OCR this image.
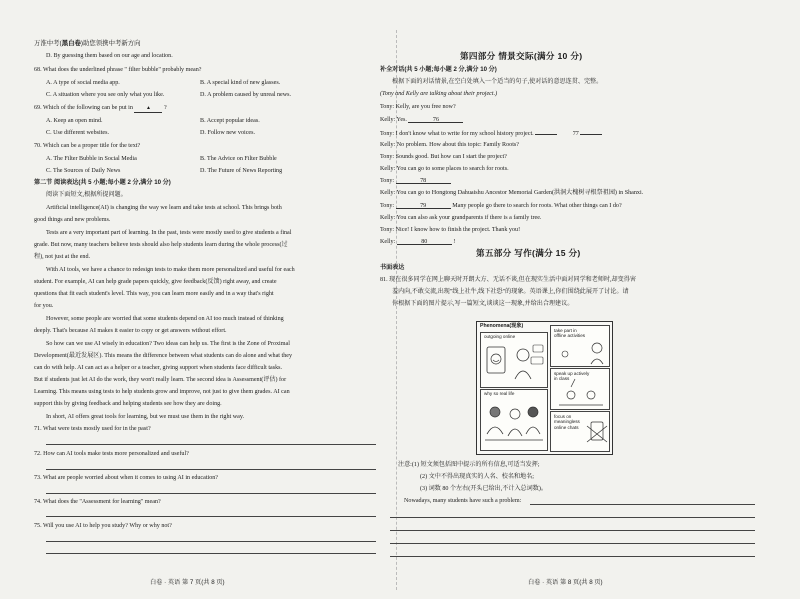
万淮中考(黑白卷)助您领携中考新方向
D. By guessing them based on our age and location.
68. What does the underlined phrase " filter bubble" probably mean?
A. A type of social media app.	B. A special kind of new glasses.
C. A situation where you see only what you like.	D. A problem caused by unreal news.
69. Which of the following can be put in	▲ ?
A. Keep an open mind.	B. Accept popular ideas.
C. Use different websites.	D. Follow new voices.
70. Which can be a proper title for the text?
A. The Filter Bubble in Social Media	B. The Advice on Filter Bubble
C. The Sources of Daily News	D. The Future of News Reporting
第二节 阅读表达(共 5 小题;每小题 2 分,满分 10 分)
阅读下面短文,根据所提问题。
Artificial intelligence(AI) is changing the way we learn and take tests at school. This brings both
good things and new problems.
Tests are a very important part of learning. In the past, tests were mostly used to give students a final
grade. But now, many teachers believe tests should also help students learn during the whole process(过
程), not just at the end.
With AI tools, we have a chance to redesign tests to make them more personalized and useful for each
student. For example, AI can help grade papers quickly, give feedback(反馈) right away, and create
questions that fit each student's level. This way, you can learn more easily and in a way that's right
for you.
However, some people are worried that some students depend on AI too much instead of thinking
deeply. That's because AI makes it easier to copy or get answers without effort.
So how can we use AI wisely in education? Two ideas can help us. The first is the Zone of Proximal
Development(最近发展区). This means the difference between what students can do alone and what they
can do with help. AI can act as a helper or a teacher, giving support when students face difficult tasks.
But if students just let AI do the work, they won't really learn. The second idea is Assessment(评估) for
Learning. This means using tests to help students grow and improve, not just to give them grades. AI can
support this by giving feedback and helping students see how they are doing.
In short, AI offers great tools for learning, but we must use them in the right way.
71. What were tests mostly used for in the past?
72. How can AI tools make tests more personalized and useful?
73. What are people worried about when it comes to using AI in education?
74. What does the "Assessment for learning" mean?
75. Will you use AI to help you study? Why or why not?
白卷 · 英语 第 7 页(共 8 页)
第四部分 情景交际(满分 10 分)
补全对话(共 5 小题;每小题 2 分,满分 10 分)
根据下面的对话情景,在空白处填入一个适当的句子,使对话的意思连贯、完整。
(Tony and Kelly are talking about their project.)
Tony: Kelly, are you free now?
Kelly: Yes.	76
Tony: I don't know what to write for my school history project.	77
Kelly: No problem. How about this topic: Family Roots?
Tony: Sounds good. But how can I start the project?
Kelly: You can go to some places to search for roots.
Tony:	78
Kelly: You can go to Hongtong Dahuaishu Ancestor Memorial Garden(洪洞大槐树寻根祭祖园) in Shanxi.
Tony:	79	Many people go there to search for roots. What other things can I do?
Kelly: You can also ask your grandparents if there is a family tree.
Tony: Nice! I know how to finish the project. Thank you!
Kelly:	80	!
第五部分 写作(满分 15 分)
书面表达
81. 现在很多同学在网上聊天时开朗大方、无话不谈,但在现实生活中面对同学和老师时,却变得害
羞内向,不敢交流,出现"线上社牛,线下社恐"的现象。英语课上,你们围绕此展开了讨论。请
你根据下面的图片提示,写一篇短文,谈谈这一现象,并给出合理建议。
注意:(1) 短文须包括图中提示的所有信息,可适当发挥;
(2) 文中不得出现真实的人名、校名和地名;
(3) 词数 80 个左右(开头已给出,不计入总词数)。
Nowadays, many students have such a problem:
Phenomena(现象)
outgoing online
why so real life
take part in offline activities
speak up actively in class
focus on meaningless online chats
白卷 · 英语 第 8 页(共 8 页)
